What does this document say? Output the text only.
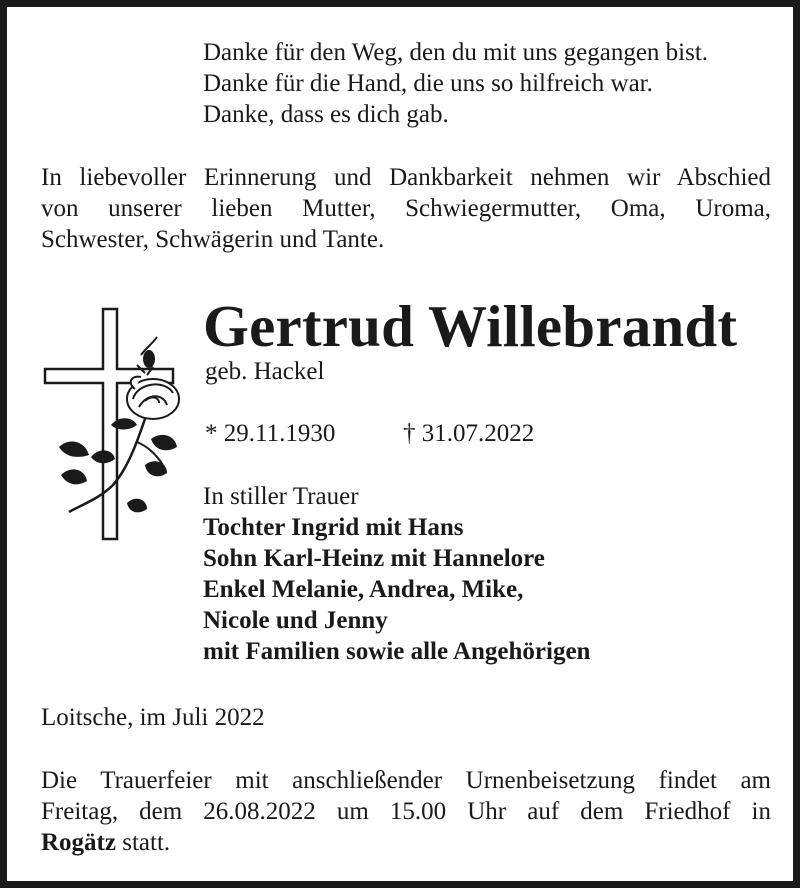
Danke für den Weg, den du mit uns gegangen bist.
Danke für die Hand, die uns so hilfreich war.
Danke, dass es dich gab.
In liebevoller Erinnerung und Dankbarkeit nehmen wir Abschied
von unserer lieben Mutter, Schwiegermutter, Oma, Uroma,
Schwester, Schwägerin und Tante.
Gertrud Willebrandt
geb. Hackel
* 29.11.1930	† 31.07.2022
In stiller Trauer
Tochter Ingrid mit Hans
Sohn Karl-Heinz mit Hannelore
Enkel Melanie, Andrea, Mike,
Nicole und Jenny
mit Familien sowie alle Angehörigen
Loitsche, im Juli 2022
Die Trauerfeier mit anschließender Urnenbeisetzung findet am
Freitag, dem 26.08.2022 um 15.00 Uhr auf dem Friedhof in
Rogätz statt.
